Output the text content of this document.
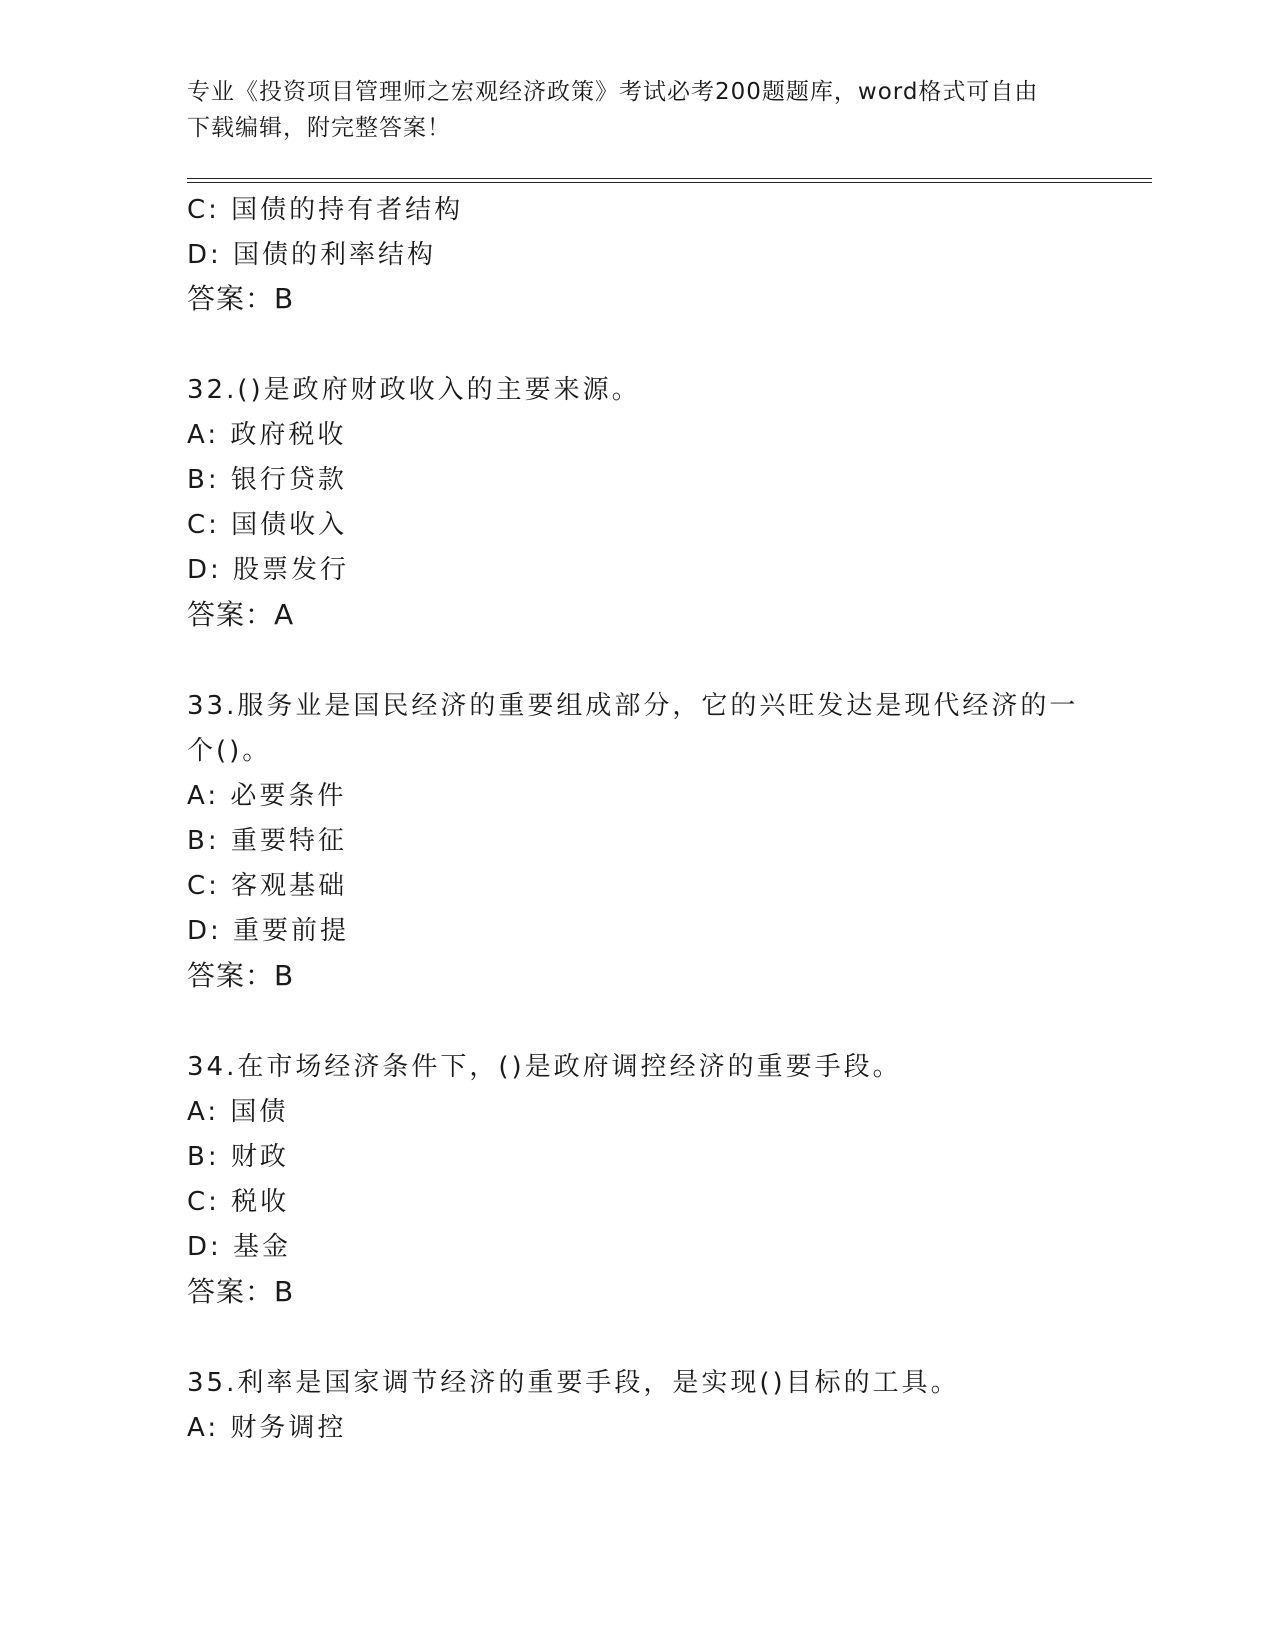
专业《投资项目管理师之宏观经济政策》考试必考200题题库，word格式可自由
下载编辑，附完整答案！
C: 国债的持有者结构
D: 国债的利率结构
答案：B
32.()是政府财政收入的主要来源。
A: 政府税收
B: 银行贷款
C: 国债收入
D: 股票发行
答案：A
33.服务业是国民经济的重要组成部分，它的兴旺发达是现代经济的一
个()。
A: 必要条件
B: 重要特征
C: 客观基础
D: 重要前提
答案：B
34.在市场经济条件下，()是政府调控经济的重要手段。
A: 国债
B: 财政
C: 税收
D: 基金
答案：B
35.利率是国家调节经济的重要手段，是实现()目标的工具。
A: 财务调控
